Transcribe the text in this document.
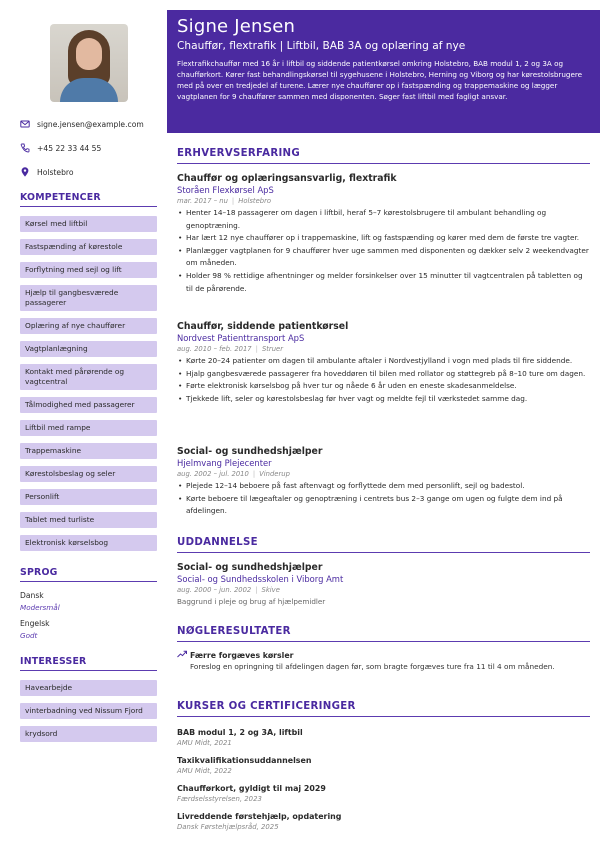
signe.jensen@example.com
+45 22 33 44 55
Holstebro
KOMPETENCER
Kørsel med liftbil
Fastspænding af kørestole
Forflytning med sejl og lift
Hjælp til gangbesværede passagerer
Oplæring af nye chauffører
Vagtplanlægning
Kontakt med pårørende og vagtcentral
Tålmodighed med passagerer
Liftbil med rampe
Trappemaskine
Kørestolsbeslag og seler
Personlift
Tablet med turliste
Elektronisk kørselsbog
SPROG
Dansk
Modersmål
Engelsk
Godt
INTERESSER
Havearbejde
vinterbadning ved Nissum Fjord
krydsord
Signe Jensen
Chauffør, flextrafik | Liftbil, BAB 3A og oplæring af nye
Flextrafikchauffør med 16 år i liftbil og siddende patientkørsel omkring Holstebro, BAB modul 1, 2 og 3A og chaufførkort. Kører fast behandlingskørsel til sygehusene i Holstebro, Herning og Viborg og har kørestolsbrugere med på over en tredjedel af turene. Lærer nye chauffører op i fastspænding og trappemaskine og lægger vagtplanen for 9 chauffører sammen med disponenten. Søger fast liftbil med fagligt ansvar.
ERHVERVSERFARING
Chauffør og oplæringsansvarlig, flextrafik
Storåen Flexkørsel ApS
mar. 2017 – nu | Holstebro
• Henter 14–18 passagerer om dagen i liftbil, heraf 5–7 kørestolsbrugere til ambulant behandling og genoptræning.
• Har lært 12 nye chauffører op i trappemaskine, lift og fastspænding og kører med dem de første tre vagter.
• Planlægger vagtplanen for 9 chauffører hver uge sammen med disponenten og dækker selv 2 weekendvagter om måneden.
• Holder 98 % rettidige afhentninger og melder forsinkelser over 15 minutter til vagtcentralen på tabletten og til de pårørende.
Chauffør, siddende patientkørsel
Nordvest Patienttransport ApS
aug. 2010 – feb. 2017 | Struer
• Kørte 20–24 patienter om dagen til ambulante aftaler i Nordvestjylland i vogn med plads til fire siddende.
• Hjalp gangbesværede passagerer fra hoveddøren til bilen med rollator og støttegreb på 8–10 ture om dagen.
• Førte elektronisk kørselsbog på hver tur og nåede 6 år uden en eneste skadesanmeldelse.
• Tjekkede lift, seler og kørestolsbeslag før hver vagt og meldte fejl til værkstedet samme dag.
Social- og sundhedshjælper
Hjelmvang Plejecenter
aug. 2002 – jul. 2010 | Vinderup
• Plejede 12–14 beboere på fast aftenvagt og forflyttede dem med personlift, sejl og badestol.
• Kørte beboere til lægeaftaler og genoptræning i centrets bus 2–3 gange om ugen og fulgte dem ind på afdelingen.
UDDANNELSE
Social- og sundhedshjælper
Social- og Sundhedsskolen i Viborg Amt
aug. 2000 – jun. 2002 | Skive
Baggrund i pleje og brug af hjælpemidler
NØGLERESULTATER
Færre forgæves kørsler
Foreslog en opringning til afdelingen dagen før, som bragte forgæves ture fra 11 til 4 om måneden.
KURSER OG CERTIFICERINGER
BAB modul 1, 2 og 3A, liftbil
AMU Midt, 2021
Taxikvalifikationsuddannelsen
AMU Midt, 2022
Chaufførkort, gyldigt til maj 2029
Færdselsstyrelsen, 2023
Livreddende førstehjælp, opdatering
Dansk Førstehjælpsråd, 2025
